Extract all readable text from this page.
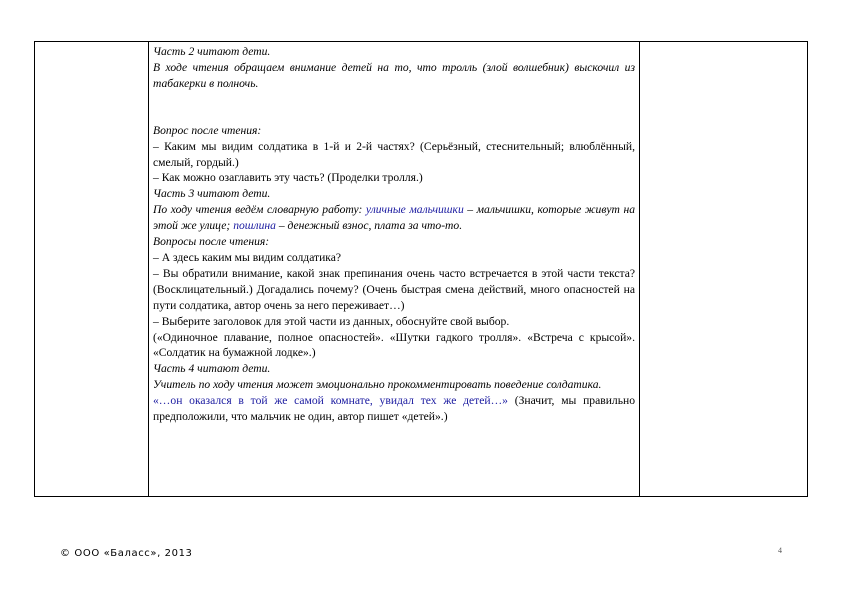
Часть 2 читают дети.

В ходе чтения обращаем внимание детей на то, что тролль (злой волшебник) выскочил из табакерки в полночь.

Вопрос после чтения:

– Каким мы видим солдатика в 1-й и 2-й частях? (Серьёзный, стеснительный; влюблённый, смелый, гордый.)

– Как можно озаглавить эту часть? (Проделки тролля.)

Часть 3 читают дети.

По ходу чтения ведём словарную работу: уличные мальчишки – мальчишки, которые живут на этой же улице; пошлина – денежный взнос, плата за что-то.

Вопросы после чтения:

– А здесь каким мы видим солдатика?

– Вы обратили внимание, какой знак препинания очень часто встречается в этой части текста? (Восклицательный.) Догадались почему? (Очень быстрая смена действий, много опасностей на пути солдатика, автор очень за него переживает…)

– Выберите заголовок для этой части из данных, обоснуйте свой выбор.

(«Одиночное плавание, полное опасностей». «Шутки гадкого тролля». «Встреча с крысой». «Солдатик на бумажной лодке».)

Часть 4 читают дети.

Учитель по ходу чтения может эмоционально прокомментировать поведение солдатика.

«…он оказался в той же самой комнате, увидал тех же детей…» (Значит, мы правильно предположили, что мальчик не один, автор пишет «детей».)

© ООО «Баласс», 2013	4
